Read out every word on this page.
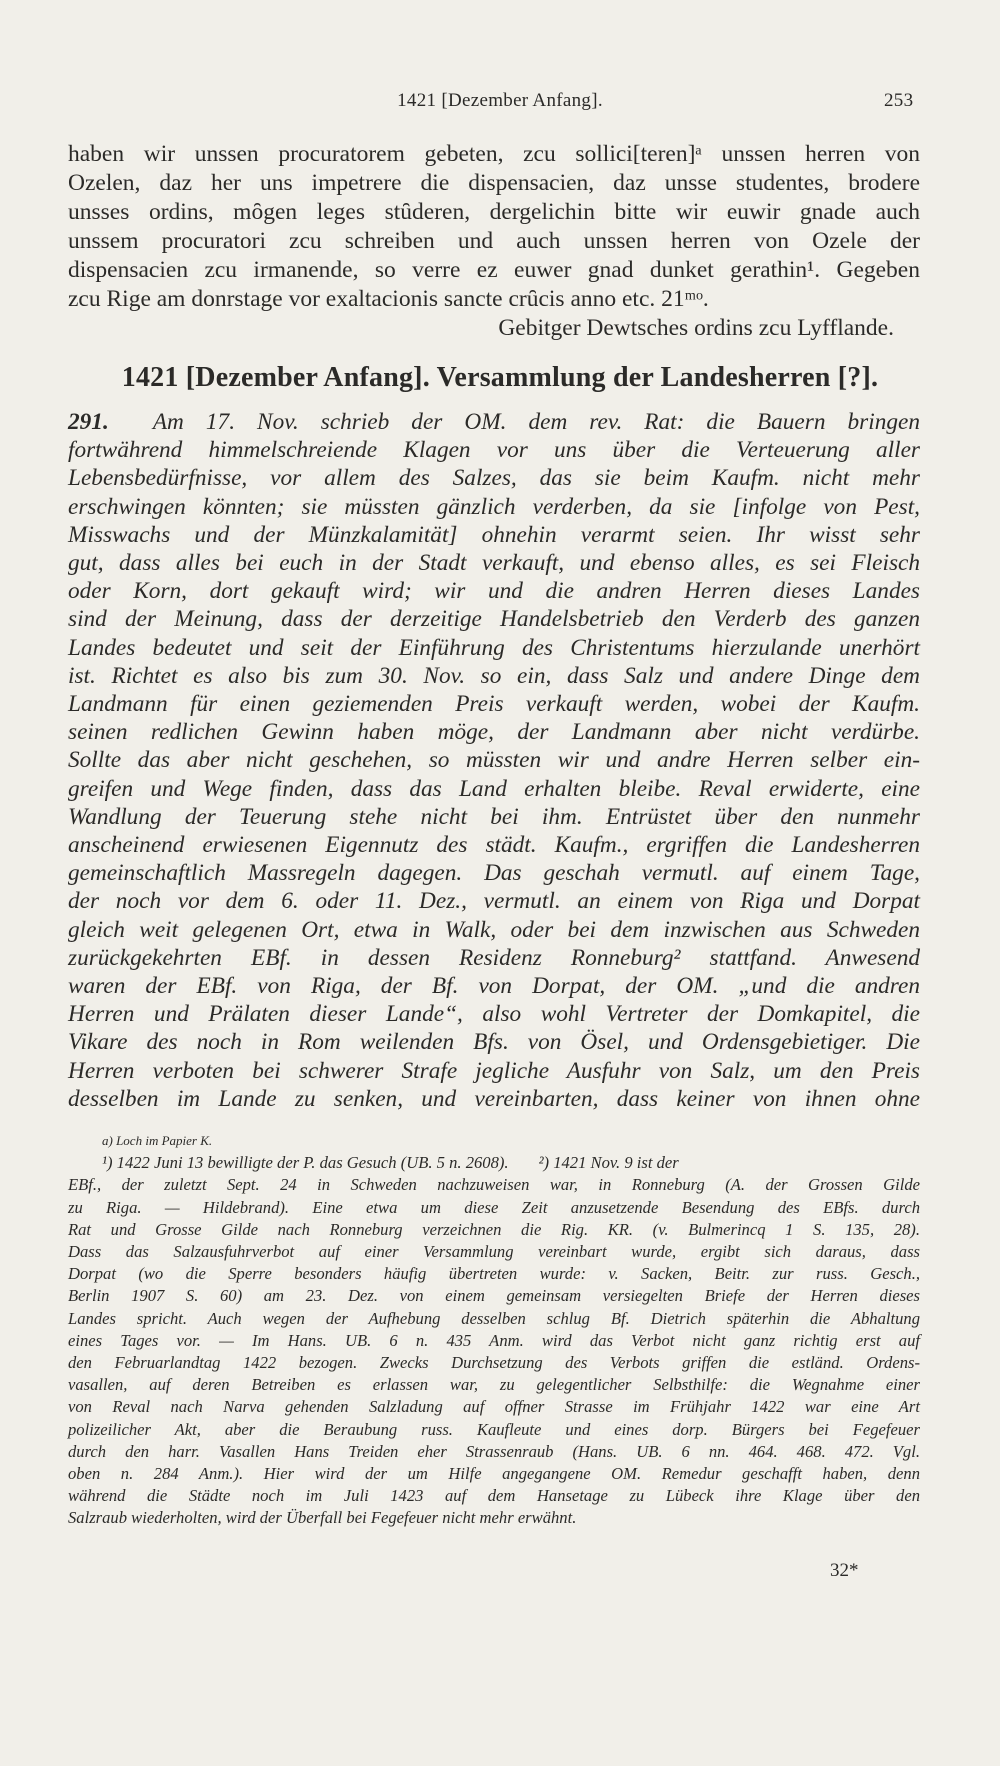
1421 [Dezember Anfang].	253
haben wir unssen procuratorem gebeten, zcu sollici[teren]ᵃ unssen herren von
Ozelen, daz her uns impetrere die dispensacien, daz unsse studentes, brodere
unsses ordins, mȏgen leges stȗderen, dergelichin bitte wir euwir gnade auch
unssem procuratori zcu schreiben und auch unssen herren von Ozele der
dispensacien zcu irmanende, so verre ez euwer gnad dunket gerathin¹. Gegeben
zcu Rige am donrstage vor exaltacionis sancte crȗcis anno etc. 21ᵐᵒ.
Gebitger Dewtsches ordins zcu Lyfflande.
1421 [Dezember Anfang]. Versammlung der Landesherren [?].
291. Am 17. Nov. schrieb der OM. dem rev. Rat: die Bauern bringen
fortwährend himmelschreiende Klagen vor uns über die Verteuerung aller
Lebensbedürfnisse, vor allem des Salzes, das sie beim Kaufm. nicht mehr
erschwingen könnten; sie müssten gänzlich verderben, da sie [infolge von Pest,
Misswachs und der Münzkalamität] ohnehin verarmt seien. Ihr wisst sehr
gut, dass alles bei euch in der Stadt verkauft, und ebenso alles, es sei Fleisch
oder Korn, dort gekauft wird; wir und die andren Herren dieses Landes
sind der Meinung, dass der derzeitige Handelsbetrieb den Verderb des ganzen
Landes bedeutet und seit der Einführung des Christentums hierzulande unerhört
ist. Richtet es also bis zum 30. Nov. so ein, dass Salz und andere Dinge dem
Landmann für einen geziemenden Preis verkauft werden, wobei der Kaufm.
seinen redlichen Gewinn haben möge, der Landmann aber nicht verdürbe.
Sollte das aber nicht geschehen, so müssten wir und andre Herren selber ein-
greifen und Wege finden, dass das Land erhalten bleibe. Reval erwiderte, eine
Wandlung der Teuerung stehe nicht bei ihm. Entrüstet über den nunmehr
anscheinend erwiesenen Eigennutz des städt. Kaufm., ergriffen die Landesherren
gemeinschaftlich Massregeln dagegen. Das geschah vermutl. auf einem Tage,
der noch vor dem 6. oder 11. Dez., vermutl. an einem von Riga und Dorpat
gleich weit gelegenen Ort, etwa in Walk, oder bei dem inzwischen aus Schweden
zurückgekehrten EBf. in dessen Residenz Ronneburg² stattfand. Anwesend
waren der EBf. von Riga, der Bf. von Dorpat, der OM. „und die andren
Herren und Prälaten dieser Lande“, also wohl Vertreter der Domkapitel, die
Vikare des noch in Rom weilenden Bfs. von Ösel, und Ordensgebietiger. Die
Herren verboten bei schwerer Strafe jegliche Ausfuhr von Salz, um den Preis
desselben im Lande zu senken, und vereinbarten, dass keiner von ihnen ohne
a) Loch im Papier K.
¹) 1422 Juni 13 bewilligte der P. das Gesuch (UB. 5 n. 2608). ²) 1421 Nov. 9 ist der
EBf., der zuletzt Sept. 24 in Schweden nachzuweisen war, in Ronneburg (A. der Grossen Gilde
zu Riga. — Hildebrand). Eine etwa um diese Zeit anzusetzende Besendung des EBfs. durch
Rat und Grosse Gilde nach Ronneburg verzeichnen die Rig. KR. (v. Bulmerincq 1 S. 135, 28).
Dass das Salzausfuhrverbot auf einer Versammlung vereinbart wurde, ergibt sich daraus, dass
Dorpat (wo die Sperre besonders häufig übertreten wurde: v. Sacken, Beitr. zur russ. Gesch.,
Berlin 1907 S. 60) am 23. Dez. von einem gemeinsam versiegelten Briefe der Herren dieses
Landes spricht. Auch wegen der Aufhebung desselben schlug Bf. Dietrich späterhin die Abhaltung
eines Tages vor. — Im Hans. UB. 6 n. 435 Anm. wird das Verbot nicht ganz richtig erst auf
den Februarlandtag 1422 bezogen. Zwecks Durchsetzung des Verbots griffen die estländ. Ordens-
vasallen, auf deren Betreiben es erlassen war, zu gelegentlicher Selbsthilfe: die Wegnahme einer
von Reval nach Narva gehenden Salzladung auf offner Strasse im Frühjahr 1422 war eine Art
polizeilicher Akt, aber die Beraubung russ. Kaufleute und eines dorp. Bürgers bei Fegefeuer
durch den harr. Vasallen Hans Treiden eher Strassenraub (Hans. UB. 6 nn. 464. 468. 472. Vgl.
oben n. 284 Anm.). Hier wird der um Hilfe angegangene OM. Remedur geschafft haben, denn
während die Städte noch im Juli 1423 auf dem Hansetage zu Lübeck ihre Klage über den
Salzraub wiederholten, wird der Überfall bei Fegefeuer nicht mehr erwähnt.
32*
